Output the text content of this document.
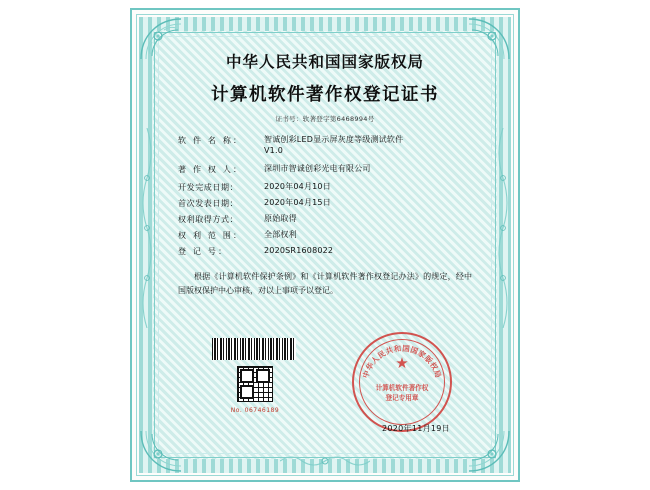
中华人民共和国国家版权局
计算机软件著作权登记证书
证书号：软著登字第6468994号
软 件 名 称：	智诚创彩LED显示屏灰度等级测试软件
V1.0
著 作 权 人：	深圳市智诚创彩光电有限公司
开发完成日期：	2020年04月10日
首次发表日期：	2020年04月15日
权利取得方式：	原始取得
权 利 范 围：	全部权利
登 记 号：	2020SR1608022
根据《计算机软件保护条例》和《计算机软件著作权登记办法》的规定，经中国版权保护中心审核，对以上事项予以登记。
No. 06746189
中华人民共和国国家版权局
★
计算机软件著作权
登记专用章
2020年11月19日
